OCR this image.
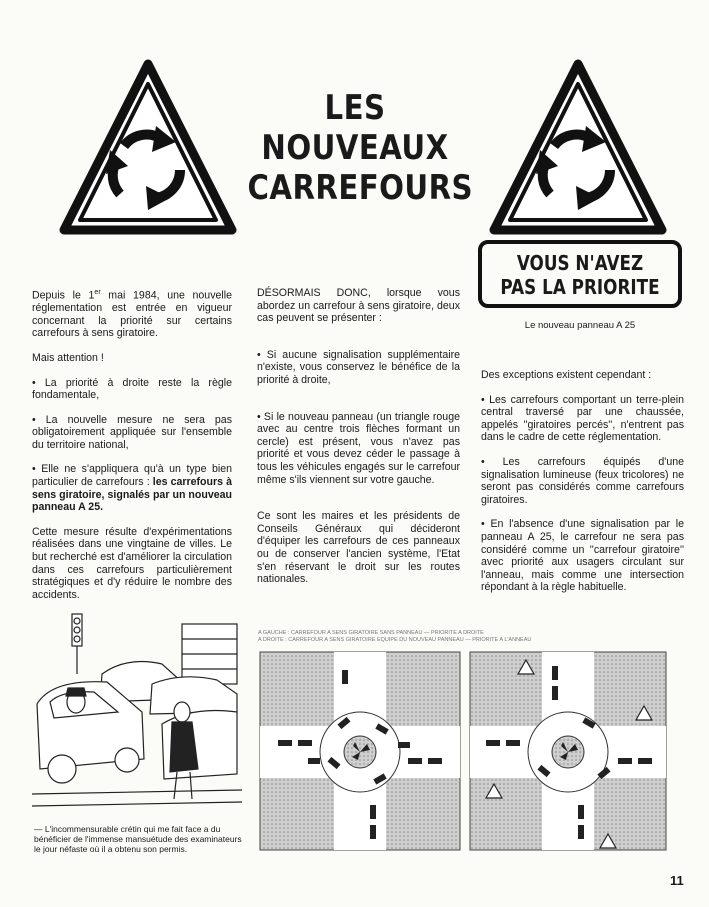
LES
NOUVEAUX
CARREFOURS
VOUS N'AVEZ
PAS LA PRIORITE
Le nouveau panneau A 25

Depuis le 1er mai 1984, une nouvelle réglementation est entrée en vigueur concernant la priorité sur certains carrefours à sens giratoire.

Mais attention !

• La priorité à droite reste la règle fondamentale,

• La nouvelle mesure ne sera pas obligatoirement appliquée sur l'ensemble du territoire national,

• Elle ne s'appliquera qu'à un type bien particulier de carrefours : les carrefours à sens giratoire, signalés par un nouveau panneau A 25.

Cette mesure résulte d'expérimentations réalisées dans une vingtaine de villes. Le but recherché est d'améliorer la circulation dans ces carrefours particulièrement stratégiques et d'y réduire le nombre des accidents.

DÉSORMAIS DONC, lorsque vous abordez un carrefour à sens giratoire, deux cas peuvent se présenter :

• Si aucune signalisation supplémentaire n'existe, vous conservez le bénéfice de la priorité à droite,

• Si le nouveau panneau (un triangle rouge avec au centre trois flèches formant un cercle) est présent, vous n'avez pas priorité et vous devez céder le passage à tous les véhicules engagés sur le carrefour même s'ils viennent sur votre gauche.

Ce sont les maires et les présidents de Conseils Généraux qui décideront d'équiper les carrefours de ces panneaux ou de conserver l'ancien système, l'Etat s'en réservant le droit sur les routes nationales.

Des exceptions existent cependant :

• Les carrefours comportant un terre-plein central traversé par une chaussée, appelés ''giratoires percés'', n'entrent pas dans le cadre de cette réglementation.

• Les carrefours équipés d'une signalisation lumineuse (feux tricolores) ne seront pas considérés comme carrefours giratoires.

• En l'absence d'une signalisation par le panneau A 25, le carrefour ne sera pas considéré comme un ''carrefour giratoire'' avec priorité aux usagers circulant sur l'anneau, mais comme une intersection répondant à la règle habituelle.

— L'incommensurable crétin qui me fait face a du bénéficier de l'immense mansuétude des examinateurs le jour néfaste où il a obtenu son permis.
A GAUCHE : CARREFOUR A SENS GIRATOIRE SANS PANNEAU — PRIORITE A DROITE
A DROITE : CARREFOUR A SENS GIRATOIRE EQUIPE DU NOUVEAU PANNEAU — PRIORITE A L'ANNEAU
11
